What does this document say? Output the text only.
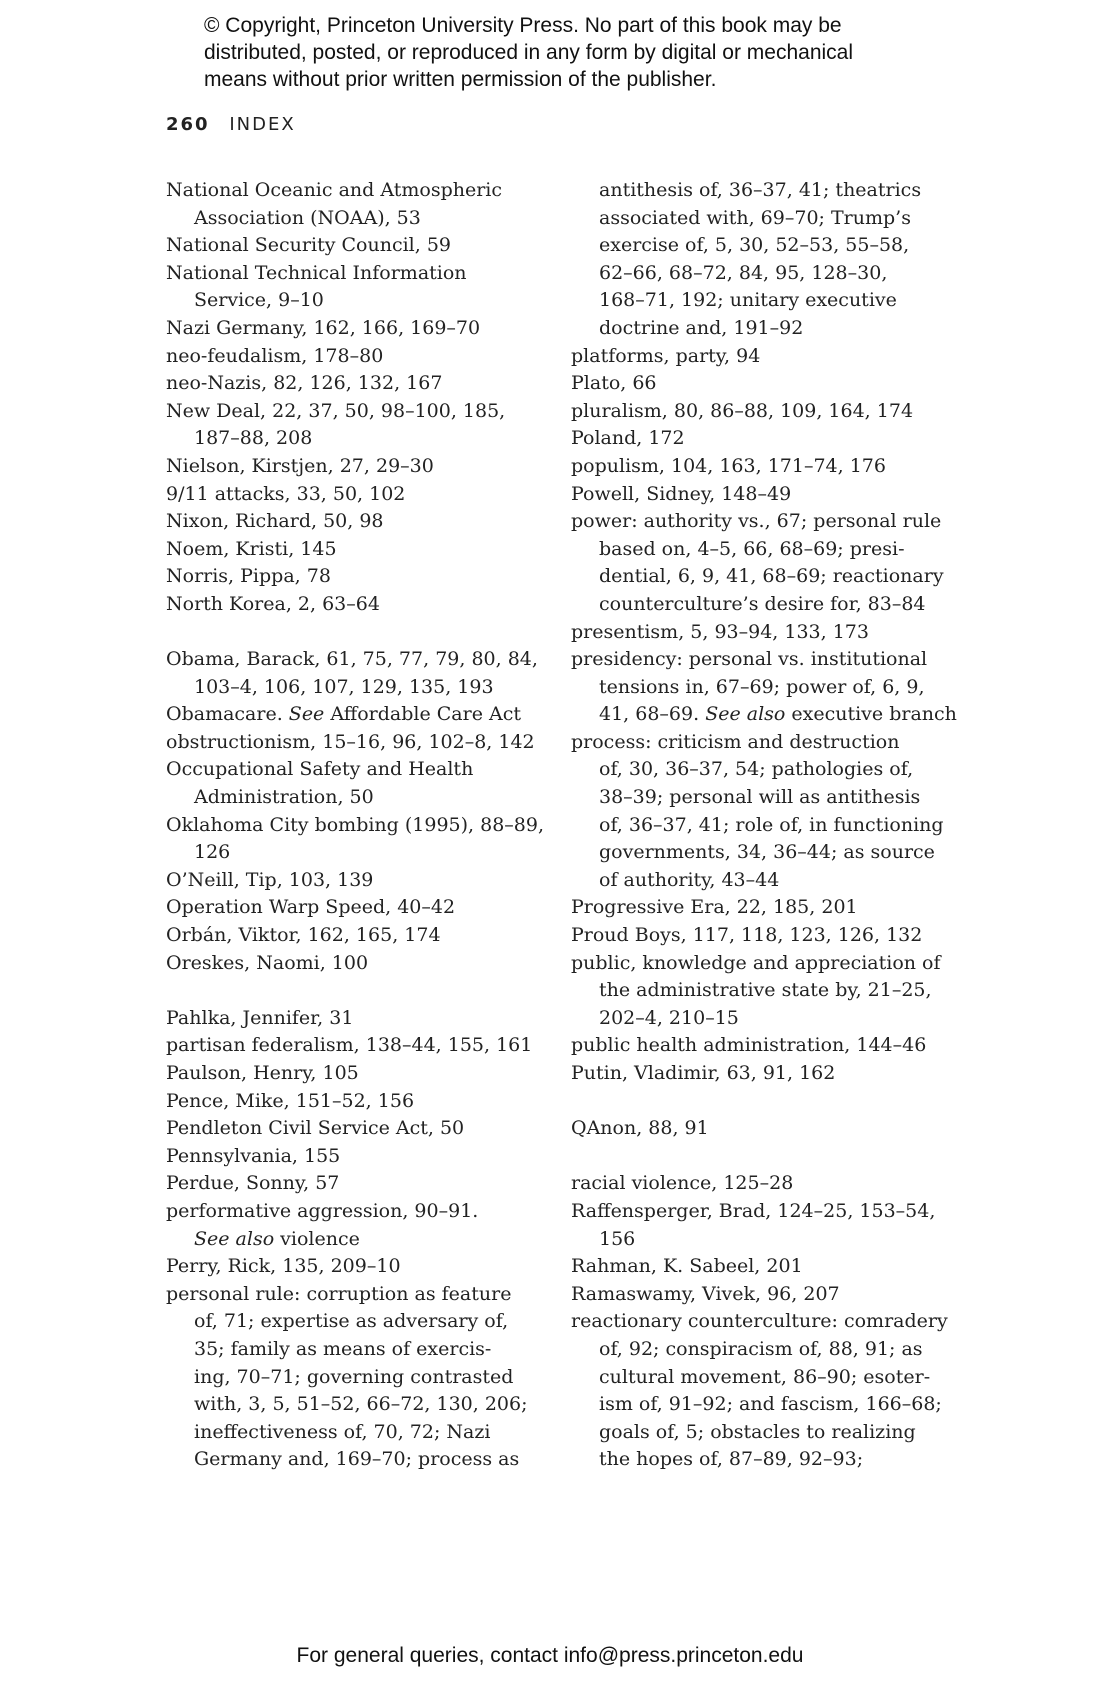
© Copyright, Princeton University Press. No part of this book may be
distributed, posted, or reproduced in any form by digital or mechanical
means without prior written permission of the publisher.
260 INDEX
National Oceanic and Atmospheric
Association (NOAA), 53
National Security Council, 59
National Technical Information
Service, 9–10
Nazi Germany, 162, 166, 169–70
neo-feudalism, 178–80
neo-Nazis, 82, 126, 132, 167
New Deal, 22, 37, 50, 98–100, 185,
187–88, 208
Nielson, Kirstjen, 27, 29–30
9/11 attacks, 33, 50, 102
Nixon, Richard, 50, 98
Noem, Kristi, 145
Norris, Pippa, 78
North Korea, 2, 63–64
Obama, Barack, 61, 75, 77, 79, 80, 84,
103–4, 106, 107, 129, 135, 193
Obamacare. See Affordable Care Act
obstructionism, 15–16, 96, 102–8, 142
Occupational Safety and Health
Administration, 50
Oklahoma City bombing (1995), 88–89,
126
O’Neill, Tip, 103, 139
Operation Warp Speed, 40–42
Orbán, Viktor, 162, 165, 174
Oreskes, Naomi, 100
Pahlka, Jennifer, 31
partisan federalism, 138–44, 155, 161
Paulson, Henry, 105
Pence, Mike, 151–52, 156
Pendleton Civil Service Act, 50
Pennsylvania, 155
Perdue, Sonny, 57
performative aggression, 90–91.
See also violence
Perry, Rick, 135, 209–10
personal rule: corruption as feature
of, 71; expertise as adversary of,
35; family as means of exercis-
ing, 70–71; governing contrasted
with, 3, 5, 51–52, 66–72, 130, 206;
ineffectiveness of, 70, 72; Nazi
Germany and, 169–70; process as
antithesis of, 36–37, 41; theatrics
associated with, 69–70; Trump’s
exercise of, 5, 30, 52–53, 55–58,
62–66, 68–72, 84, 95, 128–30,
168–71, 192; unitary executive
doctrine and, 191–92
platforms, party, 94
Plato, 66
pluralism, 80, 86–88, 109, 164, 174
Poland, 172
populism, 104, 163, 171–74, 176
Powell, Sidney, 148–49
power: authority vs., 67; personal rule
based on, 4–5, 66, 68–69; presi-
dential, 6, 9, 41, 68–69; reactionary
counterculture’s desire for, 83–84
presentism, 5, 93–94, 133, 173
presidency: personal vs. institutional
tensions in, 67–69; power of, 6, 9,
41, 68–69. See also executive branch
process: criticism and destruction
of, 30, 36–37, 54; pathologies of,
38–39; personal will as antithesis
of, 36–37, 41; role of, in functioning
governments, 34, 36–44; as source
of authority, 43–44
Progressive Era, 22, 185, 201
Proud Boys, 117, 118, 123, 126, 132
public, knowledge and appreciation of
the administrative state by, 21–25,
202–4, 210–15
public health administration, 144–46
Putin, Vladimir, 63, 91, 162
QAnon, 88, 91
racial violence, 125–28
Raffensperger, Brad, 124–25, 153–54,
156
Rahman, K. Sabeel, 201
Ramaswamy, Vivek, 96, 207
reactionary counterculture: comradery
of, 92; conspiracism of, 88, 91; as
cultural movement, 86–90; esoter-
ism of, 91–92; and fascism, 166–68;
goals of, 5; obstacles to realizing
the hopes of, 87–89, 92–93;
For general queries, contact info@press.princeton.edu
